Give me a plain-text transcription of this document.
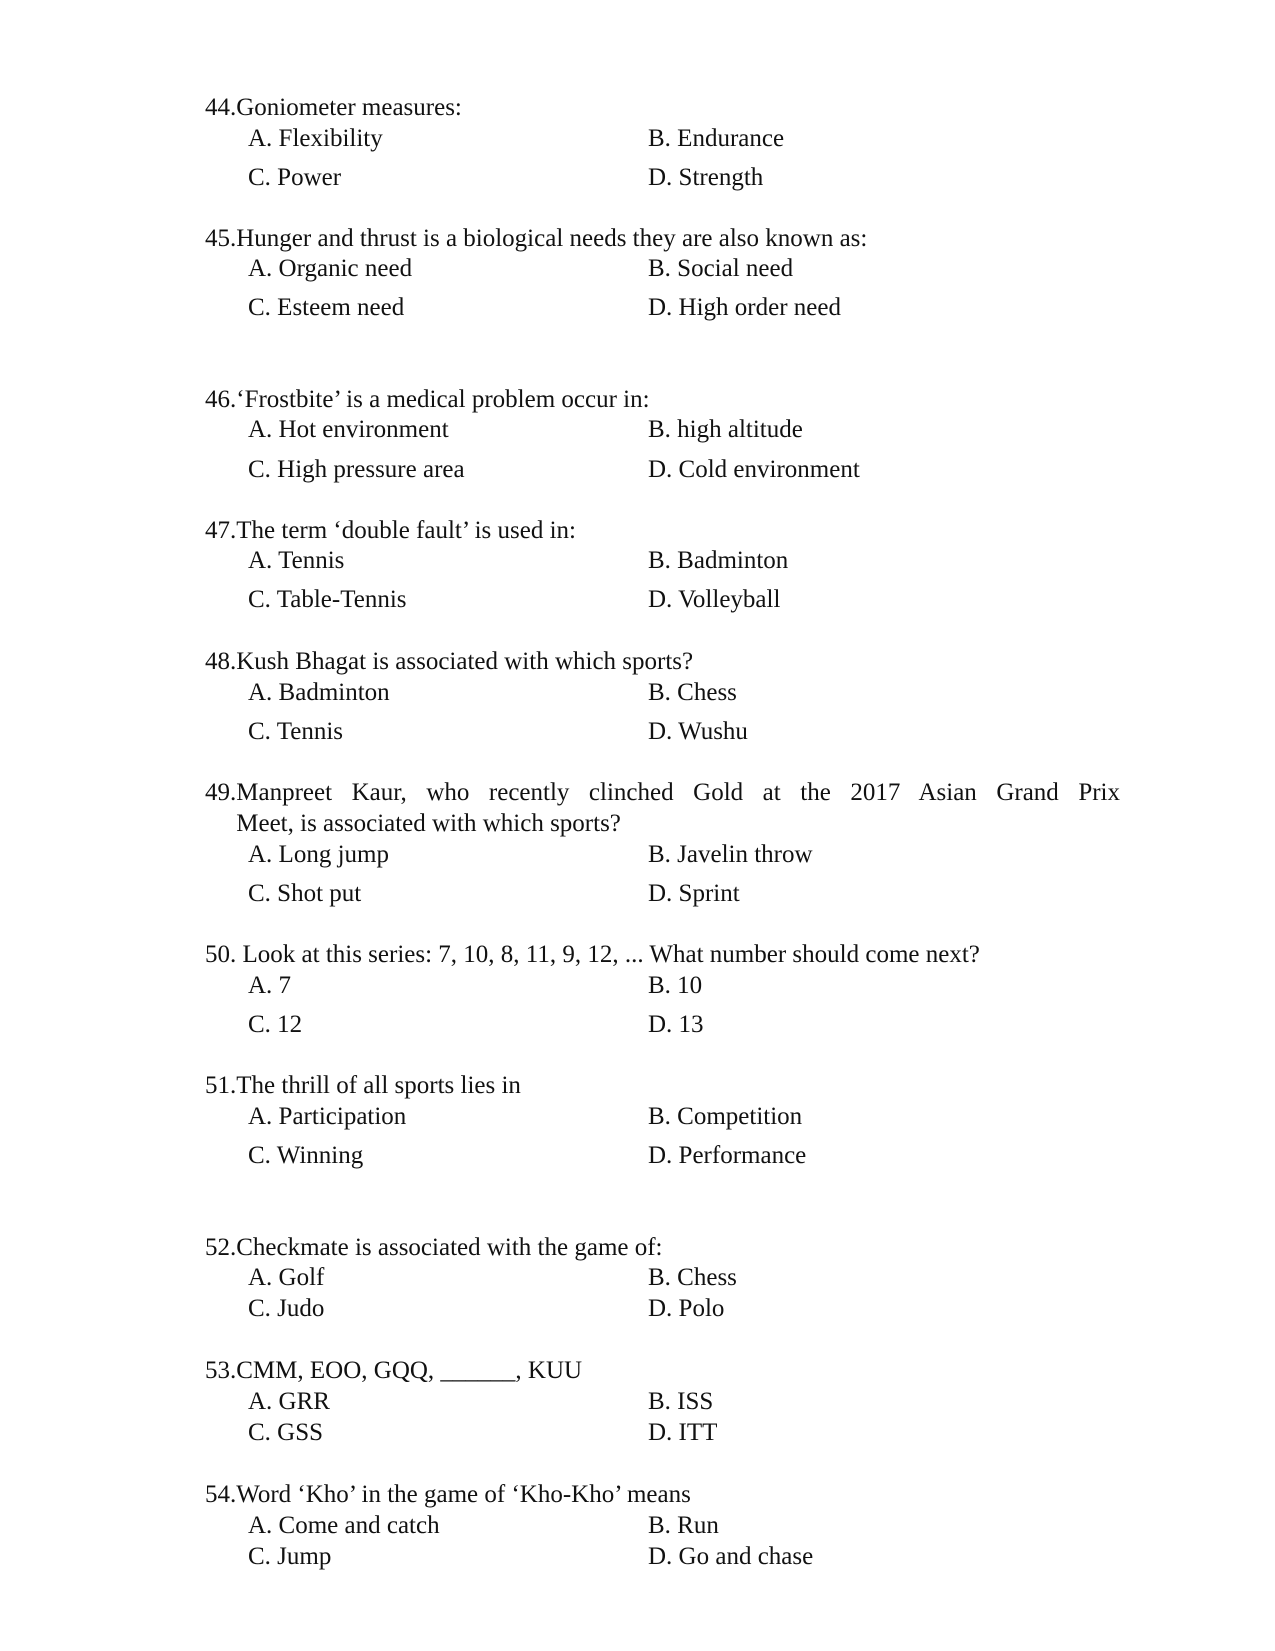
44. Goniometer measures:
A. Flexibility	B. Endurance
C. Power	D. Strength
45. Hunger and thrust is a biological needs they are also known as:
A. Organic need	B. Social need
C. Esteem need	D. High order need
46. ‘Frostbite’ is a medical problem occur in:
A. Hot environment	B. high altitude
C. High pressure area	D. Cold environment
47. The term ‘double fault’ is used in:
A. Tennis	B. Badminton
C. Table-Tennis	D. Volleyball
48. Kush Bhagat is associated with which sports?
A. Badminton	B. Chess
C. Tennis	D. Wushu
49. Manpreet Kaur, who recently clinched Gold at the 2017 Asian Grand Prix
Meet, is associated with which sports?
A. Long jump	B. Javelin throw
C. Shot put	D. Sprint
50. Look at this series: 7, 10, 8, 11, 9, 12, ... What number should come next?
A. 7	B. 10
C. 12	D. 13
51. The thrill of all sports lies in
A. Participation	B. Competition
C. Winning	D. Performance
52. Checkmate is associated with the game of:
A. Golf	B. Chess
C. Judo	D. Polo
53. CMM, EOO, GQQ, ______, KUU
A. GRR	B. ISS
C. GSS	D. ITT
54. Word ‘Kho’ in the game of ‘Kho-Kho’ means
A. Come and catch	B. Run
C. Jump	D. Go and chase
